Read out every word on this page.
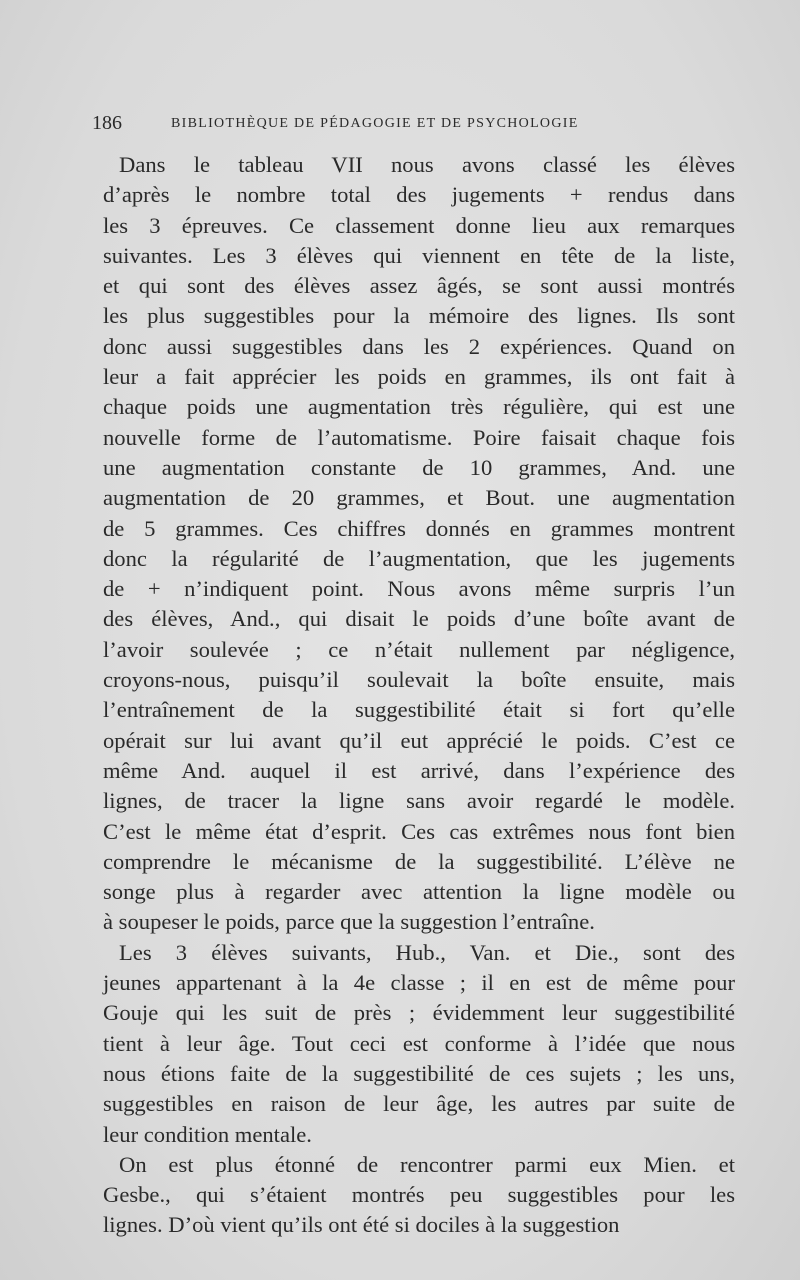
186	BIBLIOTHÈQUE DE PÉDAGOGIE ET DE PSYCHOLOGIE
Dans le tableau VII nous avons classé les élèves
d’après le nombre total des jugements + rendus dans
les 3 épreuves. Ce classement donne lieu aux remarques
suivantes. Les 3 élèves qui viennent en tête de la liste,
et qui sont des élèves assez âgés, se sont aussi montrés
les plus suggestibles pour la mémoire des lignes. Ils sont
donc aussi suggestibles dans les 2 expériences. Quand on
leur a fait apprécier les poids en grammes, ils ont fait à
chaque poids une augmentation très régulière, qui est une
nouvelle forme de l’automatisme. Poire faisait chaque fois
une augmentation constante de 10 grammes, And. une
augmentation de 20 grammes, et Bout. une augmentation
de 5 grammes. Ces chiffres donnés en grammes montrent
donc la régularité de l’augmentation, que les jugements
de + n’indiquent point. Nous avons même surpris l’un
des élèves, And., qui disait le poids d’une boîte avant de
l’avoir soulevée ; ce n’était nullement par négligence,
croyons-nous, puisqu’il soulevait la boîte ensuite, mais
l’entraînement de la suggestibilité était si fort qu’elle
opérait sur lui avant qu’il eut apprécié le poids. C’est ce
même And. auquel il est arrivé, dans l’expérience des
lignes, de tracer la ligne sans avoir regardé le modèle.
C’est le même état d’esprit. Ces cas extrêmes nous font bien
comprendre le mécanisme de la suggestibilité. L’élève ne
songe plus à regarder avec attention la ligne modèle ou
à soupeser le poids, parce que la suggestion l’entraîne.
Les 3 élèves suivants, Hub., Van. et Die., sont des
jeunes appartenant à la 4e classe ; il en est de même pour
Gouje qui les suit de près ; évidemment leur suggestibilité
tient à leur âge. Tout ceci est conforme à l’idée que nous
nous étions faite de la suggestibilité de ces sujets ; les uns,
suggestibles en raison de leur âge, les autres par suite de
leur condition mentale.
On est plus étonné de rencontrer parmi eux Mien. et
Gesbe., qui s’étaient montrés peu suggestibles pour les
lignes. D’où vient qu’ils ont été si dociles à la suggestion
